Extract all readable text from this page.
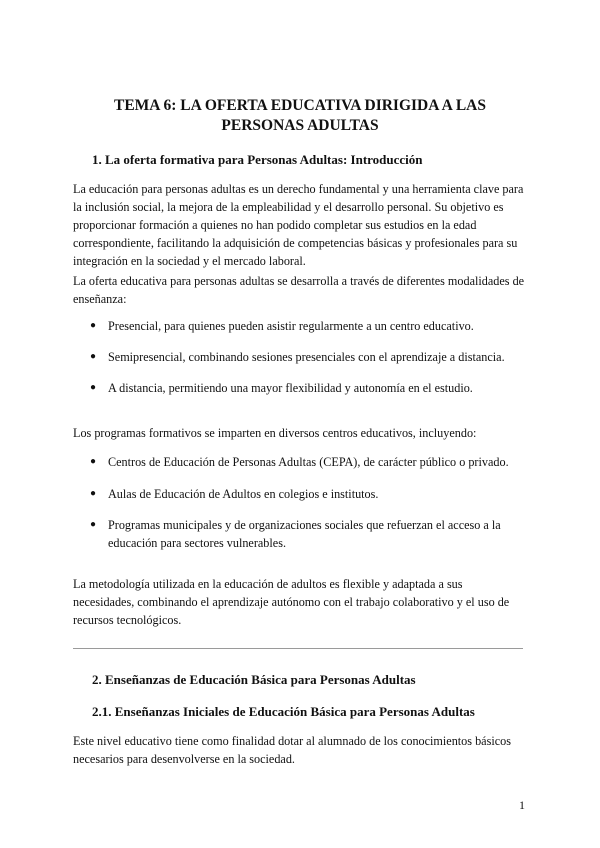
TEMA 6: LA OFERTA EDUCATIVA DIRIGIDA A LAS PERSONAS ADULTAS
1. La oferta formativa para Personas Adultas: Introducción

La educación para personas adultas es un derecho fundamental y una herramienta clave para la inclusión social, la mejora de la empleabilidad y el desarrollo personal. Su objetivo es proporcionar formación a quienes no han podido completar sus estudios en la edad correspondiente, facilitando la adquisición de competencias básicas y profesionales para su integración en la sociedad y el mercado laboral.

La oferta educativa para personas adultas se desarrolla a través de diferentes modalidades de enseñanza:

● Presencial, para quienes pueden asistir regularmente a un centro educativo.
● Semipresencial, combinando sesiones presenciales con el aprendizaje a distancia.
● A distancia, permitiendo una mayor flexibilidad y autonomía en el estudio.

Los programas formativos se imparten en diversos centros educativos, incluyendo:

● Centros de Educación de Personas Adultas (CEPA), de carácter público o privado.
● Aulas de Educación de Adultos en colegios e institutos.
● Programas municipales y de organizaciones sociales que refuerzan el acceso a la educación para sectores vulnerables.

La metodología utilizada en la educación de adultos es flexible y adaptada a sus necesidades, combinando el aprendizaje autónomo con el trabajo colaborativo y el uso de recursos tecnológicos.

2. Enseñanzas de Educación Básica para Personas Adultas
2.1. Enseñanzas Iniciales de Educación Básica para Personas Adultas

Este nivel educativo tiene como finalidad dotar al alumnado de los conocimientos básicos necesarios para desenvolverse en la sociedad.

1
